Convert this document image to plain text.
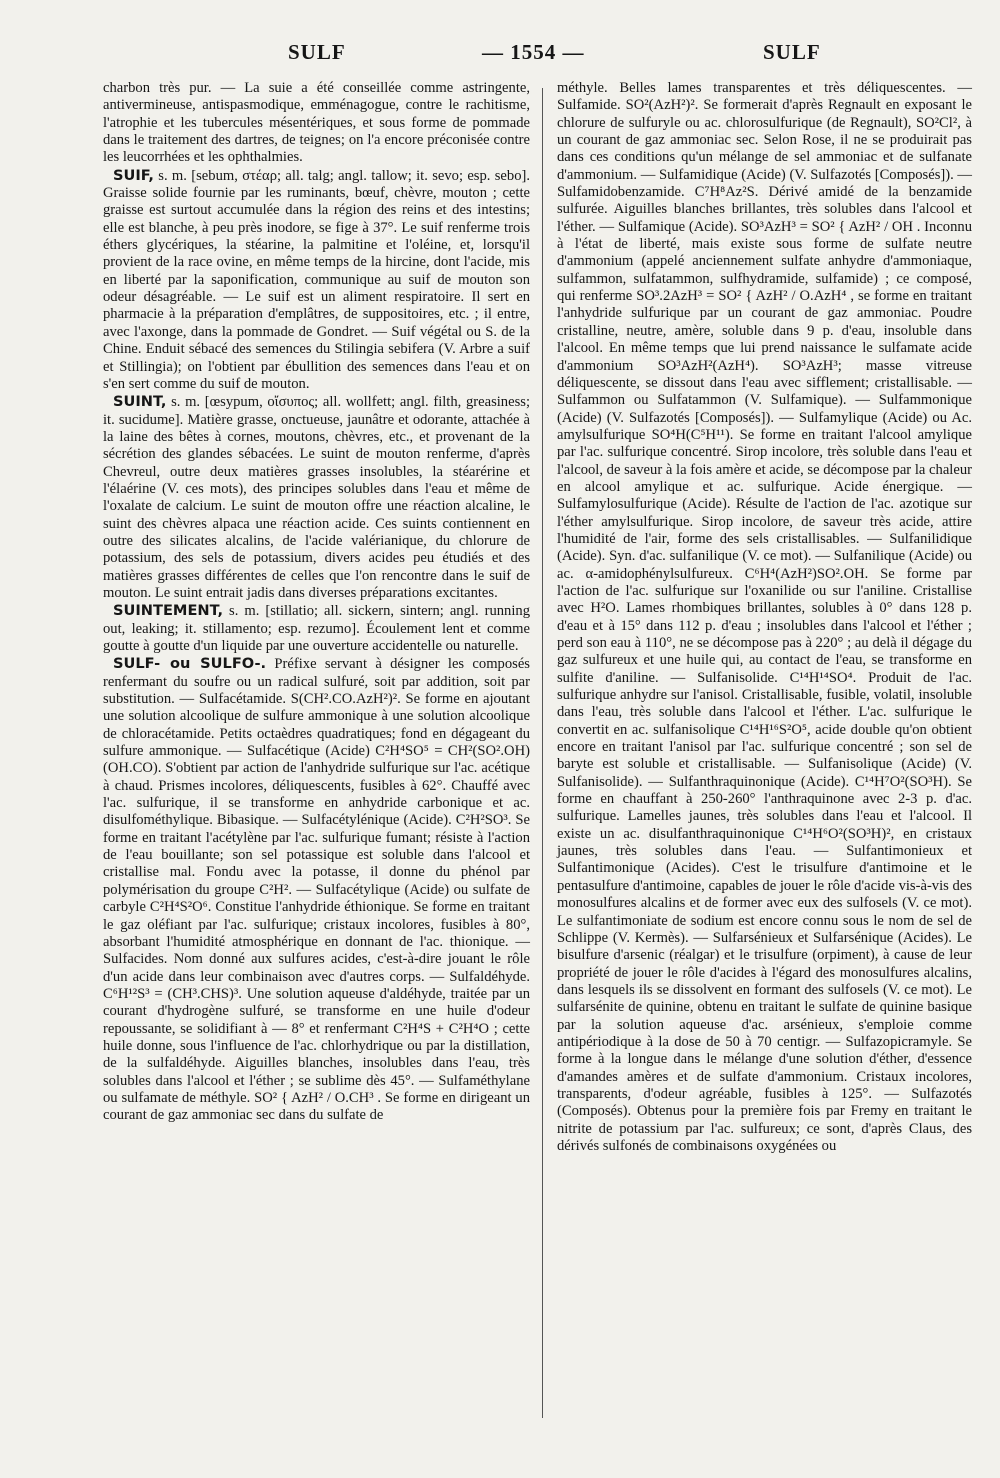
SULF	— 1554 —	SULF

charbon très pur. — La suie a été conseillée comme astringente, antivermineuse, antispasmodique, emménagogue, contre le rachitisme, l'atrophie et les tubercules mésentériques, et sous forme de pommade dans le traitement des dartres, de teignes; on l'a encore préconisée contre les leucorrhées et les ophthalmies.

SUIF, s. m. [sebum, στέαρ; all. talg; angl. tallow; it. sevo; esp. sebo]. Graisse solide fournie par les ruminants, bœuf, chèvre, mouton ; cette graisse est surtout accumulée dans la région des reins et des intestins; elle est blanche, à peu près inodore, se fige à 37°. Le suif renferme trois éthers glycériques, la stéarine, la palmitine et l'oléine, et, lorsqu'il provient de la race ovine, en même temps de la hircine, dont l'acide, mis en liberté par la saponification, communique au suif de mouton son odeur désagréable. — Le suif est un aliment respiratoire. Il sert en pharmacie à la préparation d'emplâtres, de suppositoires, etc. ; il entre, avec l'axonge, dans la pommade de Gondret. — Suif végétal ou S. de la Chine. Enduit sébacé des semences du Stilingia sebifera (V. Arbre a suif et Stillingia); on l'obtient par ébullition des semences dans l'eau et on s'en sert comme du suif de mouton.

SUINT, s. m. [œsypum, οἴσυπος; all. wollfett; angl. filth, greasiness; it. sucidume]. Matière grasse, onctueuse, jaunâtre et odorante, attachée à la laine des bêtes à cornes, moutons, chèvres, etc., et provenant de la sécrétion des glandes sébacées. Le suint de mouton renferme, d'après Chevreul, outre deux matières grasses insolubles, la stéarérine et l'élaérine (V. ces mots), des principes solubles dans l'eau et même de l'oxalate de calcium. Le suint de mouton offre une réaction alcaline, le suint des chèvres alpaca une réaction acide. Ces suints contiennent en outre des silicates alcalins, de l'acide valérianique, du chlorure de potassium, des sels de potassium, divers acides peu étudiés et des matières grasses différentes de celles que l'on rencontre dans le suif de mouton. Le suint entrait jadis dans diverses préparations excitantes.

SUINTEMENT, s. m. [stillatio; all. sickern, sintern; angl. running out, leaking; it. stillamento; esp. rezumo]. Écoulement lent et comme goutte à goutte d'un liquide par une ouverture accidentelle ou naturelle.

SULF- ou SULFO-. Préfixe servant à désigner les composés renfermant du soufre ou un radical sulfuré, soit par addition, soit par substitution. — Sulfacétamide. S(CH².CO.AzH²)². Se forme en ajoutant une solution alcoolique de sulfure ammonique à une solution alcoolique de chloracétamide. Petits octaèdres quadratiques; fond en dégageant du sulfure ammonique. — Sulfacétique (Acide) C²H⁴SO⁵ = CH²(SO².OH)(OH.CO). S'obtient par action de l'anhydride sulfurique sur l'ac. acétique à chaud. Prismes incolores, déliquescents, fusibles à 62°. Chauffé avec l'ac. sulfurique, il se transforme en anhydride carbonique et ac. disulfométhylique. Bibasique. — Sulfacétylénique (Acide). C²H²SO³. Se forme en traitant l'acétylène par l'ac. sulfurique fumant; résiste à l'action de l'eau bouillante; son sel potassique est soluble dans l'alcool et cristallise mal. Fondu avec la potasse, il donne du phénol par polymérisation du groupe C²H². — Sulfacétylique (Acide) ou sulfate de carbyle C²H⁴S²O⁶. Constitue l'anhydride éthionique. Se forme en traitant le gaz oléfiant par l'ac. sulfurique; cristaux incolores, fusibles à 80°, absorbant l'humidité atmosphérique en donnant de l'ac. thionique. — Sulfacides. Nom donné aux sulfures acides, c'est-à-dire jouant le rôle d'un acide dans leur combinaison avec d'autres corps. — Sulfaldéhyde. C⁶H¹²S³ = (CH³.CHS)³. Une solution aqueuse d'aldéhyde, traitée par un courant d'hydrogène sulfuré, se transforme en une huile d'odeur repoussante, se solidifiant à — 8° et renfermant C²H⁴S + C²H⁴O ; cette huile donne, sous l'influence de l'ac. chlorhydrique ou par la distillation, de la sulfaldéhyde. Aiguilles blanches, insolubles dans l'eau, très solubles dans l'alcool et l'éther ; se sublime dès 45°. — Sulfaméthylane ou sulfamate de méthyle. SO² { AzH² / O.CH³ . Se forme en dirigeant un courant de gaz ammoniac sec dans du sulfate de

méthyle. Belles lames transparentes et très déliquescentes. — Sulfamide. SO²(AzH²)². Se formerait d'après Regnault en exposant le chlorure de sulfuryle ou ac. chlorosulfurique (de Regnault), SO²Cl², à un courant de gaz ammoniac sec. Selon Rose, il ne se produirait pas dans ces conditions qu'un mélange de sel ammoniac et de sulfanate d'ammonium. — Sulfamidique (Acide) (V. Sulfazotés [Composés]). — Sulfamidobenzamide. C⁷H⁸Az²S. Dérivé amidé de la benzamide sulfurée. Aiguilles blanches brillantes, très solubles dans l'alcool et l'éther. — Sulfamique (Acide). SO³AzH³ = SO² { AzH² / OH . Inconnu à l'état de liberté, mais existe sous forme de sulfate neutre d'ammonium (appelé anciennement sulfate anhydre d'ammoniaque, sulfammon, sulfatammon, sulfhydramide, sulfamide) ; ce composé, qui renferme SO³.2AzH³ = SO² { AzH² / O.AzH⁴ , se forme en traitant l'anhydride sulfurique par un courant de gaz ammoniac. Poudre cristalline, neutre, amère, soluble dans 9 p. d'eau, insoluble dans l'alcool. En même temps que lui prend naissance le sulfamate acide d'ammonium SO³AzH²(AzH⁴). SO³AzH³; masse vitreuse déliquescente, se dissout dans l'eau avec sifflement; cristallisable. — Sulfammon ou Sulfatammon (V. Sulfamique). — Sulfammonique (Acide) (V. Sulfazotés [Composés]). — Sulfamylique (Acide) ou Ac. amylsulfurique SO⁴H(C⁵H¹¹). Se forme en traitant l'alcool amylique par l'ac. sulfurique concentré. Sirop incolore, très soluble dans l'eau et l'alcool, de saveur à la fois amère et acide, se décompose par la chaleur en alcool amylique et ac. sulfurique. Acide énergique. — Sulfamylosulfurique (Acide). Résulte de l'action de l'ac. azotique sur l'éther amylsulfurique. Sirop incolore, de saveur très acide, attire l'humidité de l'air, forme des sels cristallisables. — Sulfanilidique (Acide). Syn. d'ac. sulfanilique (V. ce mot). — Sulfanilique (Acide) ou ac. α-amidophénylsulfureux. C⁶H⁴(AzH²)SO².OH. Se forme par l'action de l'ac. sulfurique sur l'oxanilide ou sur l'aniline. Cristallise avec H²O. Lames rhombiques brillantes, solubles à 0° dans 128 p. d'eau et à 15° dans 112 p. d'eau ; insolubles dans l'alcool et l'éther ; perd son eau à 110°, ne se décompose pas à 220° ; au delà il dégage du gaz sulfureux et une huile qui, au contact de l'eau, se transforme en sulfite d'aniline. — Sulfanisolide. C¹⁴H¹⁴SO⁴. Produit de l'ac. sulfurique anhydre sur l'anisol. Cristallisable, fusible, volatil, insoluble dans l'eau, très soluble dans l'alcool et l'éther. L'ac. sulfurique le convertit en ac. sulfanisolique C¹⁴H¹⁶S²O⁵, acide double qu'on obtient encore en traitant l'anisol par l'ac. sulfurique concentré ; son sel de baryte est soluble et cristallisable. — Sulfanisolique (Acide) (V. Sulfanisolide). — Sulfanthraquinonique (Acide). C¹⁴H⁷O²(SO³H). Se forme en chauffant à 250-260° l'anthraquinone avec 2-3 p. d'ac. sulfurique. Lamelles jaunes, très solubles dans l'eau et l'alcool. Il existe un ac. disulfanthraquinonique C¹⁴H⁶O²(SO³H)², en cristaux jaunes, très solubles dans l'eau. — Sulfantimonieux et Sulfantimonique (Acides). C'est le trisulfure d'antimoine et le pentasulfure d'antimoine, capables de jouer le rôle d'acide vis-à-vis des monosulfures alcalins et de former avec eux des sulfosels (V. ce mot). Le sulfantimoniate de sodium est encore connu sous le nom de sel de Schlippe (V. Kermès). — Sulfarsénieux et Sulfarsénique (Acides). Le bisulfure d'arsenic (réalgar) et le trisulfure (orpiment), à cause de leur propriété de jouer le rôle d'acides à l'égard des monosulfures alcalins, dans lesquels ils se dissolvent en formant des sulfosels (V. ce mot). Le sulfarsénite de quinine, obtenu en traitant le sulfate de quinine basique par la solution aqueuse d'ac. arsénieux, s'emploie comme antipériodique à la dose de 50 à 70 centigr. — Sulfazopicramyle. Se forme à la longue dans le mélange d'une solution d'éther, d'essence d'amandes amères et de sulfate d'ammonium. Cristaux incolores, transparents, d'odeur agréable, fusibles à 125°. — Sulfazotés (Composés). Obtenus pour la première fois par Fremy en traitant le nitrite de potassium par l'ac. sulfureux; ce sont, d'après Claus, des dérivés sulfonés de combinaisons oxygénées ou
